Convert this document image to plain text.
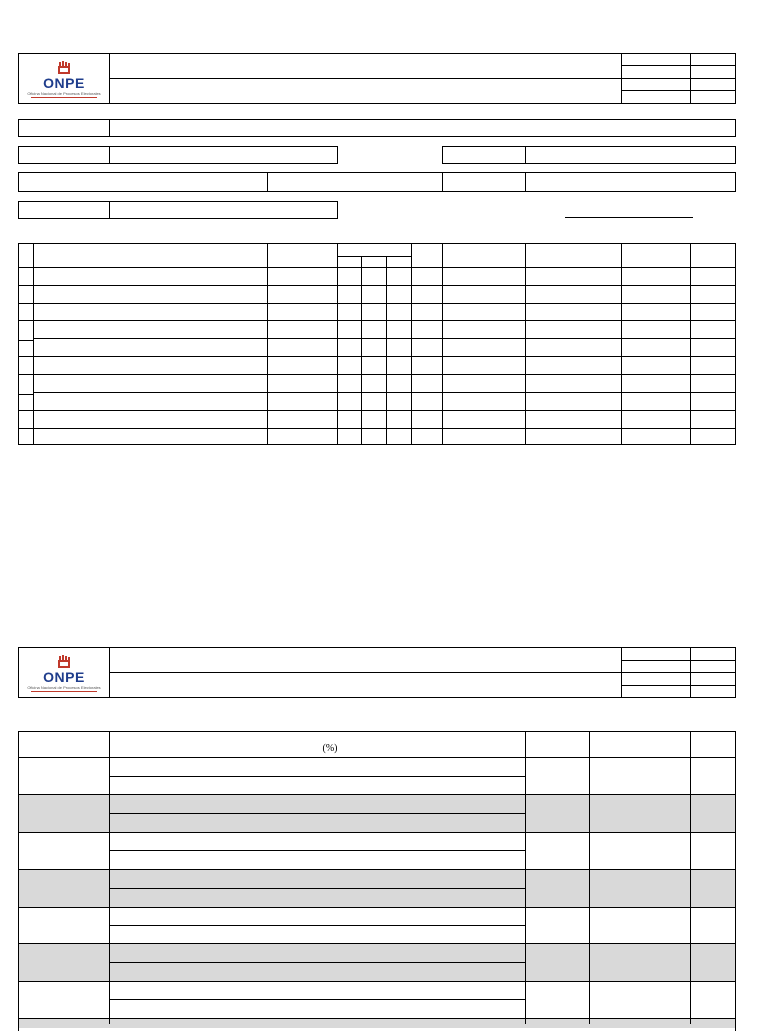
ONPE
Oficina Nacional de Procesos Electorales
ONPE
Oficina Nacional de Procesos Electorales
(%)
